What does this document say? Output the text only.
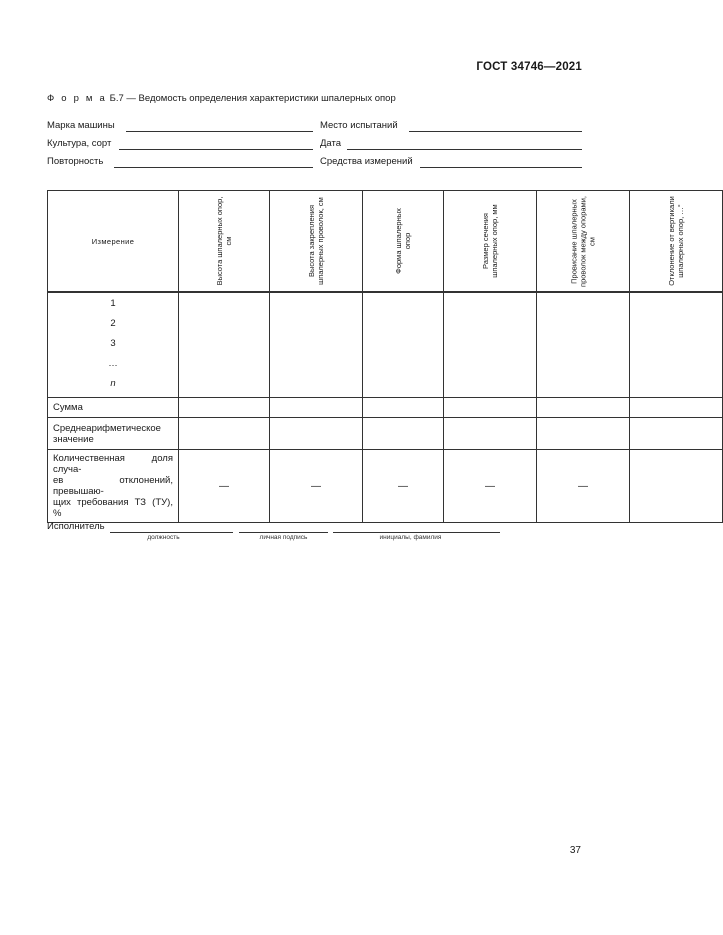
ГОСТ 34746—2021
Ф о р м а Б.7 — Ведомость определения характеристики шпалерных опор
Марка машины	Место испытаний
Культура, сорт	Дата
Повторность	Средства измерений
Измерение	Высота шпалерных опор, см	Высота закрепления шпалерных проволок, см	Форма шпалерных опор	Размер сечения шпалерных опор, мм	Провисание шпалерных проволок между опорами, см	Отклонение от вертикали шпалерных опор, …°

1
2
3
…
n						

Сумма						

Среднеарифметическое значение						

Количественная доля случа-
ев отклонений, превышаю-
щих требования ТЗ (ТУ), %	—	—	—	—	—	
Исполнитель
должность	личная подпись	инициалы, фамилия
37
